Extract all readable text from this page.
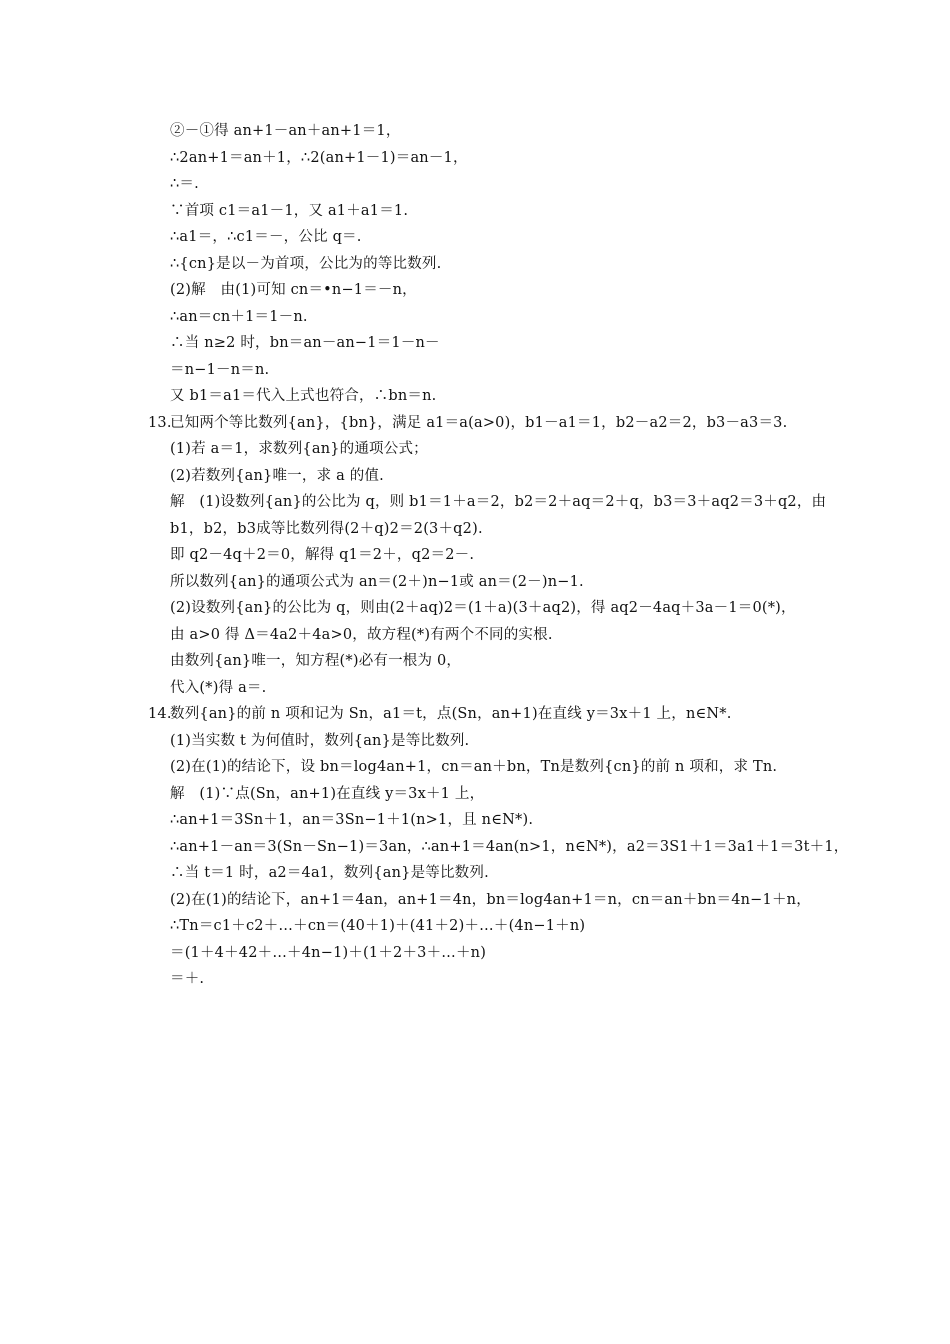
②－①得 an+1－an＋an+1＝1，
∴2an+1＝an＋1，∴2(an+1－1)＝an－1，
∴＝.
∵首项 c1＝a1－1，又 a1＋a1＝1.
∴a1＝，∴c1＝－，公比 q＝.
∴{cn}是以－为首项，公比为的等比数列.
(2)解　由(1)可知 cn＝•n−1＝－n，
∴an＝cn＋1＝1－n.
∴当 n≥2 时，bn＝an－an−1＝1－n－
＝n−1－n＝n.
又 b1＝a1＝代入上式也符合，∴bn＝n.
13.已知两个等比数列{an}，{bn}，满足 a1＝a(a>0)，b1－a1＝1，b2－a2＝2，b3－a3＝3.
(1)若 a＝1，求数列{an}的通项公式；
(2)若数列{an}唯一，求 a 的值.
解　(1)设数列{an}的公比为 q，则 b1＝1＋a＝2，b2＝2＋aq＝2＋q，b3＝3＋aq2＝3＋q2，由
b1，b2，b3成等比数列得(2＋q)2＝2(3＋q2).
即 q2－4q＋2＝0，解得 q1＝2＋，q2＝2－.
所以数列{an}的通项公式为 an＝(2＋)n−1或 an＝(2－)n−1.
(2)设数列{an}的公比为 q，则由(2＋aq)2＝(1＋a)(3＋aq2)，得 aq2－4aq＋3a－1＝0(*)，
由 a>0 得 Δ＝4a2＋4a>0，故方程(*)有两个不同的实根.
由数列{an}唯一，知方程(*)必有一根为 0，
代入(*)得 a＝.
14.数列{an}的前 n 项和记为 Sn，a1＝t，点(Sn，an+1)在直线 y＝3x＋1 上，n∈N*.
(1)当实数 t 为何值时，数列{an}是等比数列.
(2)在(1)的结论下，设 bn＝log4an+1，cn＝an＋bn，Tn是数列{cn}的前 n 项和，求 Tn.
解　(1)∵点(Sn，an+1)在直线 y＝3x＋1 上，
∴an+1＝3Sn＋1，an＝3Sn−1＋1(n>1，且 n∈N*).
∴an+1－an＝3(Sn－Sn−1)＝3an，∴an+1＝4an(n>1，n∈N*)，a2＝3S1＋1＝3a1＋1＝3t＋1，
∴当 t＝1 时，a2＝4a1，数列{an}是等比数列.
(2)在(1)的结论下，an+1＝4an，an+1＝4n，bn＝log4an+1＝n，cn＝an＋bn＝4n−1＋n，
∴Tn＝c1＋c2＋…＋cn＝(40＋1)＋(41＋2)＋…＋(4n−1＋n)
＝(1＋4＋42＋…＋4n−1)＋(1＋2＋3＋…＋n)
＝＋.
